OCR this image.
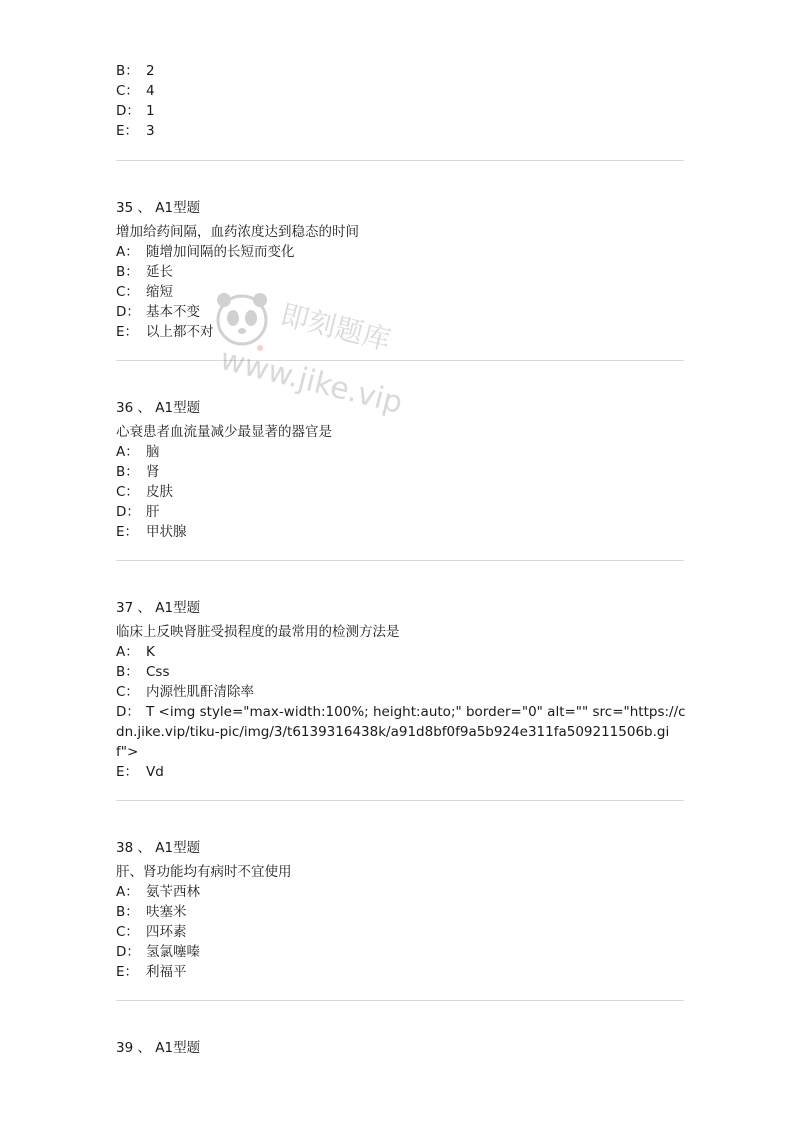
B： 2
C： 4
D： 1
E： 3
35 、 A1型题
增加给药间隔，血药浓度达到稳态的时间
A： 随增加间隔的长短而变化
B： 延长
C： 缩短
D： 基本不变
E： 以上都不对
36 、 A1型题
心衰患者血流量减少最显著的器官是
A： 脑
B： 肾
C： 皮肤
D： 肝
E： 甲状腺
37 、 A1型题
临床上反映肾脏受损程度的最常用的检测方法是
A： K
B： Css
C： 内源性肌酐清除率
D： T <img style="max-width:100%; height:auto;" border="0" alt="" src="https://cdn.jike.vip/tiku-pic/img/3/t6139316438k/a91d8bf0f9a5b924e311fa509211506b.gif">
E： Vd
38 、 A1型题
肝、肾功能均有病时不宜使用
A： 氨苄西林
B： 呋塞米
C： 四环素
D： 氢氯噻嗪
E： 利福平
39 、 A1型题
即刻题库
www.jike.vip
